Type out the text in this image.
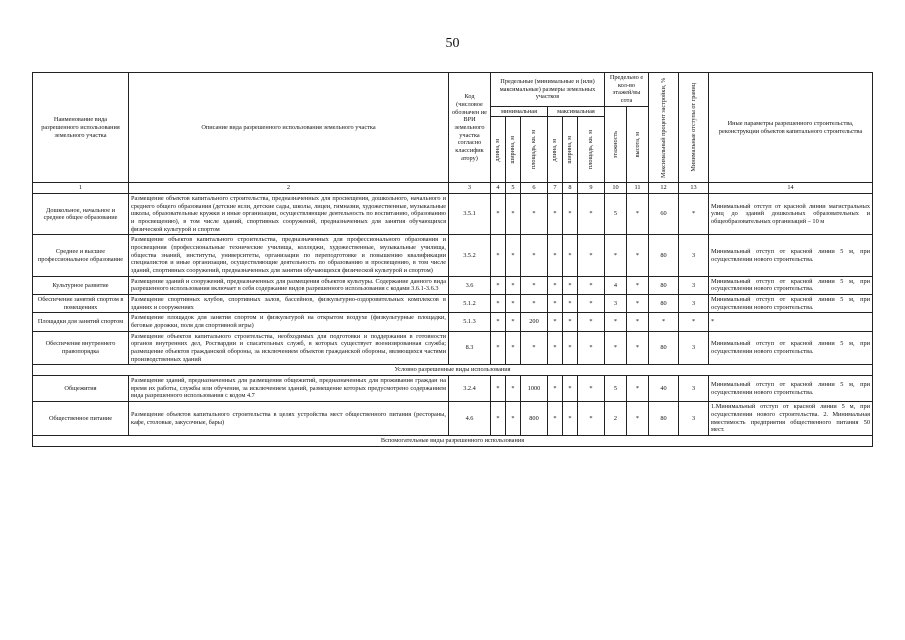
50
Наименование вида разрешенного использования земельного участка	Описание вида разрешенного использования земельного участка	Код (числовое обозначен ие ВРИ земельного участка согласно классифик атору)	Предельные (минимальные и (или) максимальные) размеры земельных участков						Предельно е кол-во этажей/вы сота		Максимальный процент застройки, %	Минимальные отступы от границ	Иные параметры разрешенного строительства, реконструкции объектов капитального строительства
			минимальная			максимальная			этажность	высота, м			

			длина, м	ширина, м	площадь, кв. м	длина, м	ширина, м	площадь, кв. м					

1	2	3	4	5	6	7	8	9	10	11	12	13	14
Дошкольное, начальное и среднее общее образование	Размещение объектов капитального строительства, предназначенных для просвещения, дошкольного, начального и среднего общего образования (детские ясли, детские сады, школы, лицеи, гимназии, художественные, музыкальные школы, образовательные кружки и иные организации, осуществляющие деятельность по воспитанию, образованию и просвещению), в том числе зданий, спортивных сооружений, предназначенных для занятия обучающихся физической культурой и спортом	3.5.1	*	*	*	*	*	*	5	*	60	*	Минимальный отступ от красной линии магистральных улиц до зданий дошкольных образовательных и общеобразовательных организаций – 10 м
Среднее и высшее профессиональное образование	Размещение объектов капитального строительства, предназначенных для профессионального образования и просвещения (профессиональные технические училища, колледжи, художественные, музыкальные училища, общества знаний, институты, университеты, организации по переподготовке и повышению квалификации специалистов и иные организации, осуществляющие деятельность по образованию и просвещению, в том числе зданий, спортивных сооружений, предназначенных для занятия обучающихся физической культурой и спортом)	3.5.2	*	*	*	*	*	*	*	*	80	3	Минимальный отступ от красной линии 5 м, при осуществлении нового строительства.
Культурное развитие	Размещение зданий и сооружений, предназначенных для размещения объектов культуры. Содержание данного вида разрешенного использования включает в себя содержание видов разрешенного использования с кодами 3.6.1-3.6.3	3.6	*	*	*	*	*	*	4	*	80	3	Минимальный отступ от красной линии 5 м, при осуществлении нового строительства.
Обеспечение занятий спортом в помещениях	Размещение спортивных клубов, спортивных залов, бассейнов, физкультурно-оздоровительных комплексов в зданиях и сооружениях	5.1.2	*	*	*	*	*	*	3	*	80	3	Минимальный отступ от красной линии 5 м, при осуществлении нового строительства.
Площадки для занятий спортом	Размещение площадок для занятия спортом и физкультурой на открытом воздухе (физкультурные площадки, беговые дорожки, поля для спортивной игры)	5.1.3	*	*	200	*	*	*	*	*	*	*	*
Обеспечение внутреннего правопорядка	Размещение объектов капитального строительства, необходимых для подготовки и поддержания в готовности органов внутренних дел, Росгвардии и спасательных служб, в которых существует военизированная служба; размещение объектов гражданской обороны, за исключением объектов гражданской обороны, являющихся частями производственных зданий	8.3	*	*	*	*	*	*	*	*	80	3	Минимальный отступ от красной линии 5 м, при осуществлении нового строительства.
Условно разрешенные виды использования													
Общежития	Размещение зданий, предназначенных для размещения общежитий, предназначенных для проживания граждан на время их работы, службы или обучения, за исключением зданий, размещение которых предусмотрено содержанием вида разрешенного использования с кодом 4.7	3.2.4	*	*	1000	*	*	*	5	*	40	3	Минимальный отступ от красной линии 5 м, при осуществлении нового строительства.
Общественное питание	Размещение объектов капитального строительства в целях устройства мест общественного питания (рестораны, кафе, столовые, закусочные, бары)	4.6	*	*	800	*	*	*	2	*	80	3	1.Минимальный отступ от красной линии 5 м, при осуществлении нового строительства. 2. Минимальная вместимость предприятия общественного питания 50 мест.
Вспомогательные виды разрешенного использования													
